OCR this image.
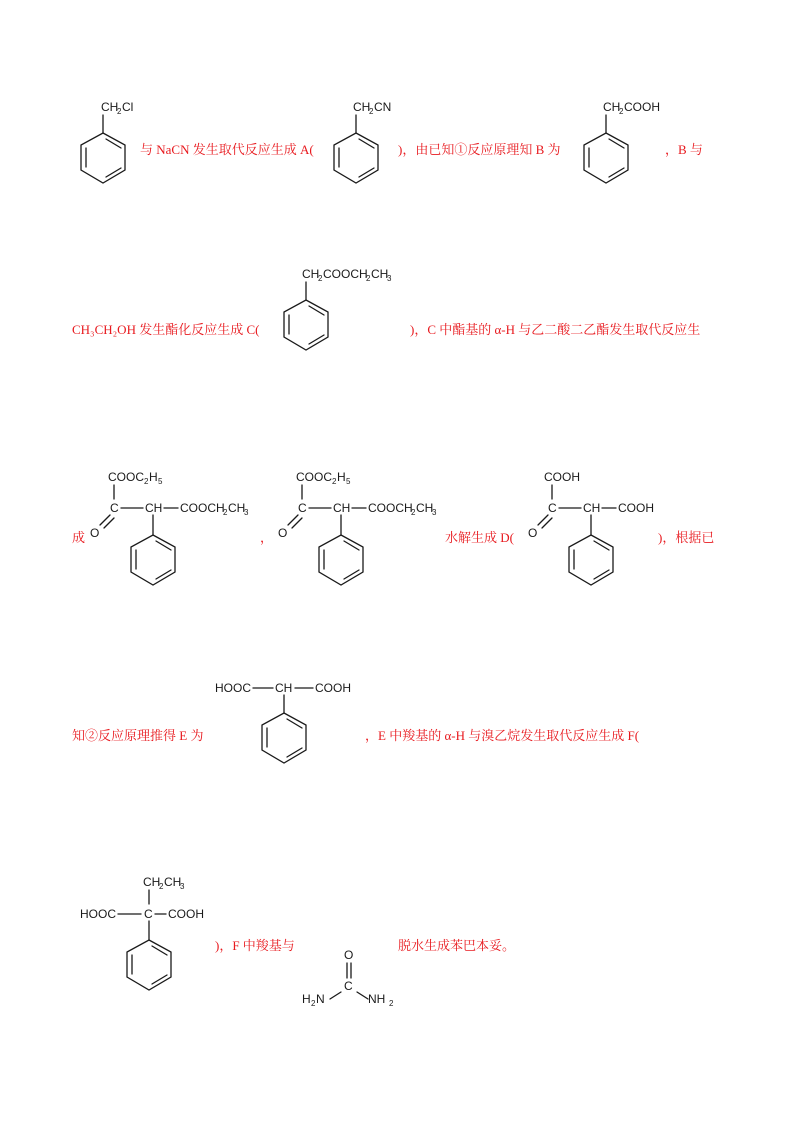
CH
2 Cl
与 NaCN 发生取代反应生成 A(
CH
2 CN
)，由已知①反应原理知 B 为
CH
2 COOH
，B 与
CH
2 COOCH
2 CH
3
CH₃CH₂OH 发生酯化反应生成 C(	)，C 中酯基的 α-H 与乙二酸二乙酯发生取代反应生
成
COOC 2 H 5
C CH COOCH
2 CH
3
O	，
COOC 2 H 5
C CH COOCH
2 CH
3
O	水解生成 D(
COOH
C CH COOH
O	)，根据已
知②反应原理推得 E 为
HOOC CH COOH
，E 中羧基的 α-H 与溴乙烷发生取代反应生成 F(
CH
2 CH
3
HOOC C COOH
)，F 中羧基与
O
C
H 2 N	NH 2
脱水生成苯巴本妥。
